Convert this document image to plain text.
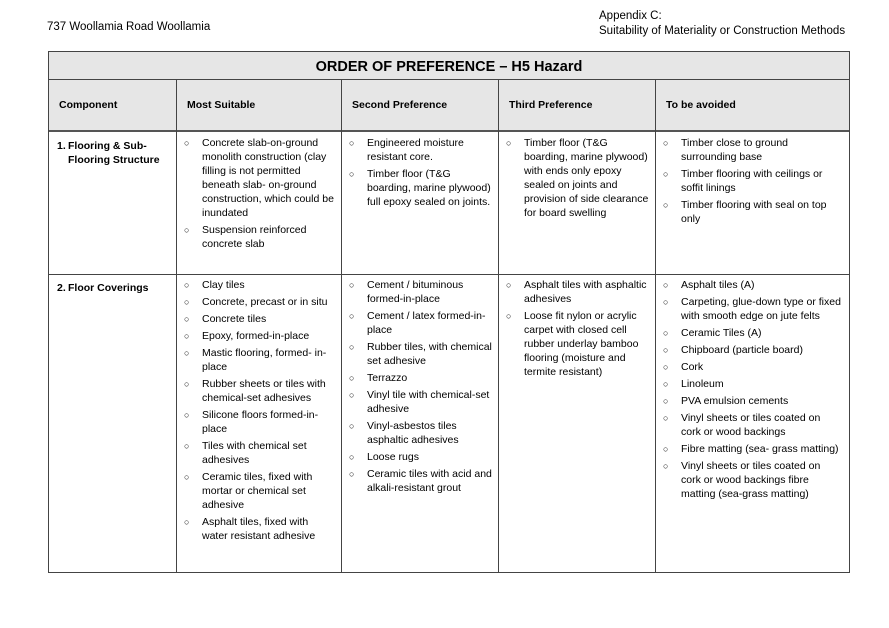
737 Woollamia Road Woollamia
Appendix C:
Suitability of Materiality or Construction Methods
ORDER OF PREFERENCE – H5 Hazard
Component	Most Suitable	Second Preference	Third Preference	To be avoided
1. Flooring & Sub-
Flooring Structure
○ Concrete slab-on-ground monolith construction (clay filling is not permitted beneath slab- on-ground construction, which could be inundated
○ Suspension reinforced concrete slab
○ Engineered moisture resistant core.
○ Timber floor (T&G boarding, marine plywood) full epoxy sealed on joints.
○ Timber floor (T&G boarding, marine plywood) with ends only epoxy sealed on joints and provision of side clearance for board swelling
○ Timber close to ground surrounding base
○ Timber flooring with ceilings or soffit linings
○ Timber flooring with seal on top only
2. Floor Coverings
○	Clay tiles
○ Concrete, precast or in situ
○ Concrete tiles
○ Epoxy, formed-in-place
○ Mastic flooring, formed- in-place
○ Rubber sheets or tiles with chemical-set adhesives
○ Silicone floors formed-in-place
○ Tiles with chemical set adhesives
○ Ceramic tiles, fixed with mortar or chemical set adhesive
○ Asphalt tiles, fixed with water resistant adhesive
○ Cement / bituminous formed-in-place
○ Cement / latex formed-in-place
○ Rubber tiles, with chemical set adhesive
○ Terrazzo
○ Vinyl tile with chemical-set adhesive
○ Vinyl-asbestos tiles asphaltic adhesives
○ Loose rugs
○ Ceramic tiles with acid and alkali-resistant grout
○ Asphalt tiles with asphaltic adhesives
○ Loose fit nylon or acrylic carpet with closed cell rubber underlay bamboo flooring (moisture and termite resistant)
○ Asphalt tiles (A)
○ Carpeting, glue-down type or fixed with smooth edge on jute felts
○ Ceramic Tiles (A)
○ Chipboard (particle board)
○ Cork
○ Linoleum
○ PVA emulsion cements
○ Vinyl sheets or tiles coated on cork or wood backings
○ Fibre matting (sea- grass matting)
○ Vinyl sheets or tiles coated on cork or wood backings fibre matting (sea-grass matting)
